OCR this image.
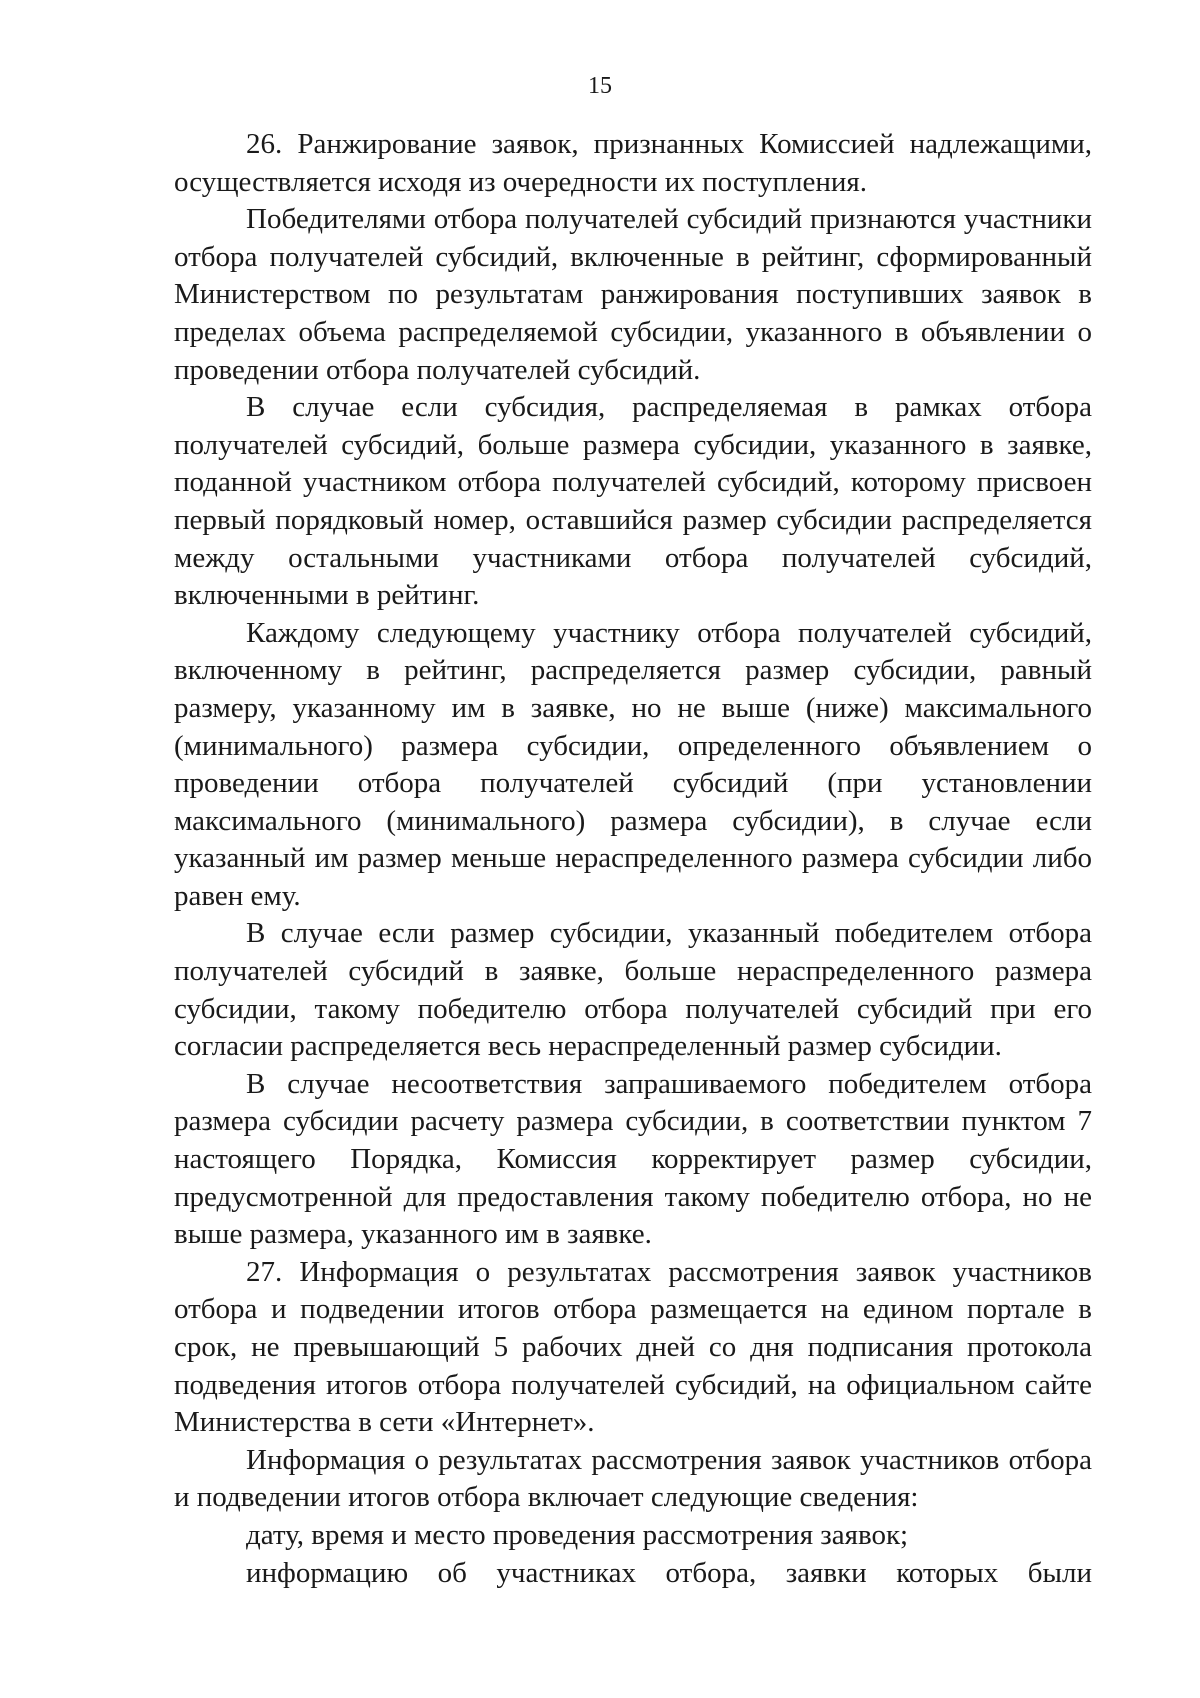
15

26. Ранжирование заявок, признанных Комиссией надлежащими, осуществляется исходя из очередности их поступления.

Победителями отбора получателей субсидий признаются участники отбора получателей субсидий, включенные в рейтинг, сформированный Министерством по результатам ранжирования поступивших заявок в пределах объема распределяемой субсидии, указанного в объявлении о проведении отбора получателей субсидий.

В случае если субсидия, распределяемая в рамках отбора получателей субсидий, больше размера субсидии, указанного в заявке, поданной участником отбора получателей субсидий, которому присвоен первый порядковый номер, оставшийся размер субсидии распределяется между остальными участниками отбора получателей субсидий, включенными в рейтинг.

Каждому следующему участнику отбора получателей субсидий, включенному в рейтинг, распределяется размер субсидии, равный размеру, указанному им в заявке, но не выше (ниже) максимального (минимального) размера субсидии, определенного объявлением о проведении отбора получателей субсидий (при установлении максимального (минимального) размера субсидии), в случае если указанный им размер меньше нераспределенного размера субсидии либо равен ему.

В случае если размер субсидии, указанный победителем отбора получателей субсидий в заявке, больше нераспределенного размера субсидии, такому победителю отбора получателей субсидий при его согласии распределяется весь нераспределенный размер субсидии.

В случае несоответствия запрашиваемого победителем отбора размера субсидии расчету размера субсидии, в соответствии пунктом 7 настоящего Порядка, Комиссия корректирует размер субсидии, предусмотренной для предоставления такому победителю отбора, но не выше размера, указанного им в заявке.

27. Информация о результатах рассмотрения заявок участников отбора и подведении итогов отбора размещается на едином портале в срок, не превышающий 5 рабочих дней со дня подписания протокола подведения итогов отбора получателей субсидий, на официальном сайте Министерства в сети «Интернет».

Информация о результатах рассмотрения заявок участников отбора и подведении итогов отбора включает следующие сведения:

дату, время и место проведения рассмотрения заявок;

информацию об участниках отбора, заявки которых были
